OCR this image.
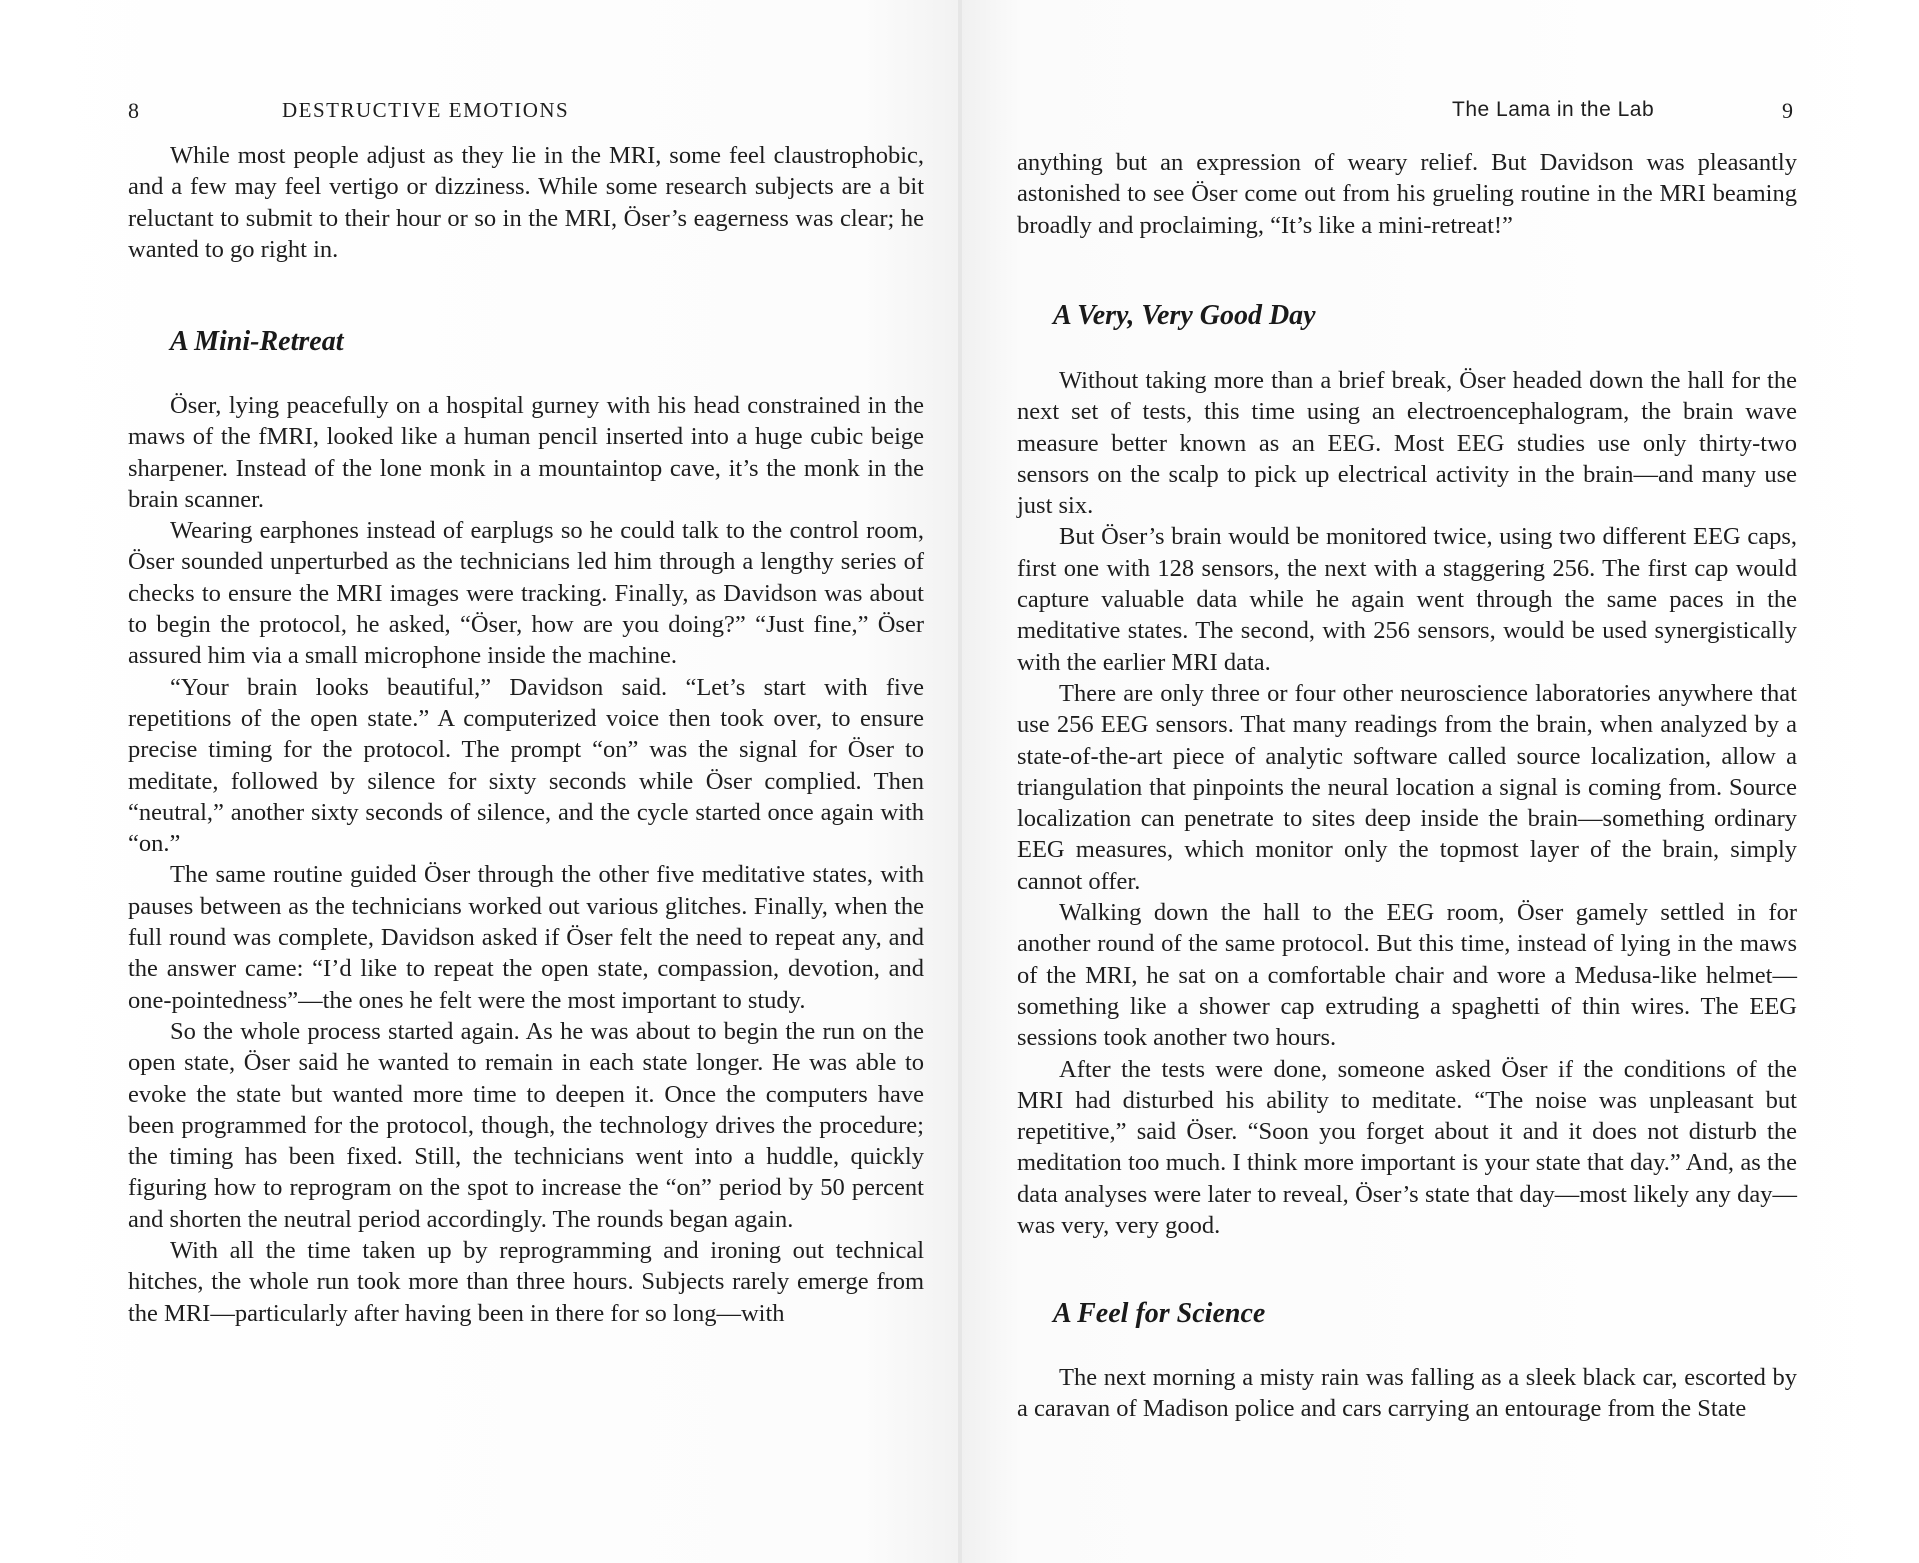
8	DESTRUCTIVE EMOTIONS

While most people adjust as they lie in the MRI, some feel claustrophobic, and a few may feel vertigo or dizziness. While some research subjects are a bit reluctant to submit to their hour or so in the MRI, Öser’s eagerness was clear; he wanted to go right in.

A Mini-Retreat

Öser, lying peacefully on a hospital gurney with his head constrained in the maws of the fMRI, looked like a human pencil inserted into a huge cubic beige sharpener. Instead of the lone monk in a mountaintop cave, it’s the monk in the brain scanner.

Wearing earphones instead of earplugs so he could talk to the control room, Öser sounded unperturbed as the technicians led him through a lengthy series of checks to ensure the MRI images were tracking. Finally, as Davidson was about to begin the protocol, he asked, “Öser, how are you doing?” “Just fine,” Öser assured him via a small microphone inside the machine.

“Your brain looks beautiful,” Davidson said. “Let’s start with five repetitions of the open state.” A computerized voice then took over, to ensure precise timing for the protocol. The prompt “on” was the signal for Öser to meditate, followed by silence for sixty seconds while Öser complied. Then “neutral,” another sixty seconds of silence, and the cycle started once again with “on.”

The same routine guided Öser through the other five meditative states, with pauses between as the technicians worked out various glitches. Finally, when the full round was complete, Davidson asked if Öser felt the need to repeat any, and the answer came: “I’d like to repeat the open state, compassion, devotion, and one-pointedness”—the ones he felt were the most important to study.

So the whole process started again. As he was about to begin the run on the open state, Öser said he wanted to remain in each state longer. He was able to evoke the state but wanted more time to deepen it. Once the computers have been programmed for the protocol, though, the technology drives the procedure; the timing has been fixed. Still, the technicians went into a huddle, quickly figuring how to reprogram on the spot to increase the “on” period by 50 percent and shorten the neutral period accordingly. The rounds began again.

With all the time taken up by reprogramming and ironing out technical hitches, the whole run took more than three hours. Subjects rarely emerge from the MRI—particularly after having been in there for so long—with

The Lama in the Lab	9

anything but an expression of weary relief. But Davidson was pleasantly astonished to see Öser come out from his grueling routine in the MRI beaming broadly and proclaiming, “It’s like a mini-retreat!”

A Very, Very Good Day

Without taking more than a brief break, Öser headed down the hall for the next set of tests, this time using an electroencephalogram, the brain wave measure better known as an EEG. Most EEG studies use only thirty-two sensors on the scalp to pick up electrical activity in the brain—and many use just six.

But Öser’s brain would be monitored twice, using two different EEG caps, first one with 128 sensors, the next with a staggering 256. The first cap would capture valuable data while he again went through the same paces in the meditative states. The second, with 256 sensors, would be used synergistically with the earlier MRI data.

There are only three or four other neuroscience laboratories anywhere that use 256 EEG sensors. That many readings from the brain, when analyzed by a state-of-the-art piece of analytic software called source localization, allow a triangulation that pinpoints the neural location a signal is coming from. Source localization can penetrate to sites deep inside the brain—something ordinary EEG measures, which monitor only the topmost layer of the brain, simply cannot offer.

Walking down the hall to the EEG room, Öser gamely settled in for another round of the same protocol. But this time, instead of lying in the maws of the MRI, he sat on a comfortable chair and wore a Medusa-like helmet—something like a shower cap extruding a spaghetti of thin wires. The EEG sessions took another two hours.

After the tests were done, someone asked Öser if the conditions of the MRI had disturbed his ability to meditate. “The noise was unpleasant but repetitive,” said Öser. “Soon you forget about it and it does not disturb the meditation too much. I think more important is your state that day.” And, as the data analyses were later to reveal, Öser’s state that day—most likely any day—was very, very good.

A Feel for Science

The next morning a misty rain was falling as a sleek black car, escorted by a caravan of Madison police and cars carrying an entourage from the State
